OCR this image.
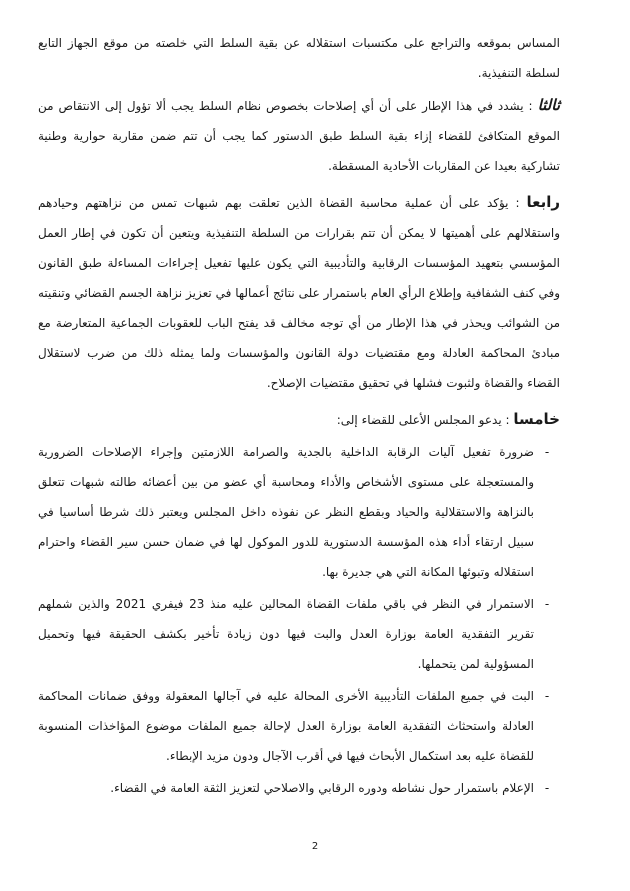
المساس بموقعه والتراجع على مكتسبات استقلاله عن بقية السلط التي خلصته من موقع الجهاز التابع لسلطة التنفيذية.

ثالثا : يشدد في هذا الإطار على أن أي إصلاحات بخصوص نظام السلط يجب ألا تؤول إلى الانتقاص من الموقع المتكافئ للقضاء إزاء بقية السلط طبق الدستور كما يجب أن تتم ضمن مقاربة حوارية وطنية تشاركية بعيدا عن المقاربات الأحادية المسقطة.

رابعا : يؤكد على أن عملية محاسبة القضاة الذين تعلقت بهم شبهات تمس من نزاهتهم وحيادهم واستقلالهم على أهميتها لا يمكن أن تتم بقرارات من السلطة التنفيذية ويتعين أن تكون في إطار العمل المؤسسي بتعهيد المؤسسات الرقابية والتأديبية التي يكون عليها تفعيل إجراءات المساءلة طبق القانون وفي كنف الشفافية وإطلاع الرأي العام باستمرار على نتائج أعمالها في تعزيز نزاهة الجسم القضائي وتنقيته من الشوائب ويحذر في هذا الإطار من أي توجه مخالف قد يفتح الباب للعقوبات الجماعية المتعارضة مع مبادئ المحاكمة العادلة ومع مقتضيات دولة القانون والمؤسسات ولما يمثله ذلك من ضرب لاستقلال القضاء والقضاة ولثبوت فشلها في تحقيق مقتضيات الإصلاح.

خامسا : يدعو المجلس الأعلى للقضاء إلى:

-
ضرورة تفعيل آليات الرقابة الداخلية بالجدية والصرامة اللازمتين وإجراء الإصلاحات الضرورية والمستعجلة على مستوى الأشخاص والأداء ومحاسبة أي عضو من بين أعضائه طالته شبهات تتعلق بالنزاهة والاستقلالية والحياد وبقطع النظر عن نفوذه داخل المجلس ويعتبر ذلك شرطا أساسيا في سبيل ارتقاء أداء هذه المؤسسة الدستورية للدور الموكول لها في ضمان حسن سير القضاء واحترام استقلاله وتبوئها المكانة التي هي جديرة بها.
-
الاستمرار في النظر في باقي ملفات القضاة المحالين عليه منذ 23 فيفري 2021 والذين شملهم تقرير التفقدية العامة بوزارة العدل والبت فيها دون زيادة تأخير بكشف الحقيقة فيها وتحميل المسؤولية لمن يتحملها.
-
البت في جميع الملفات التأديبية الأخرى المحالة عليه في آجالها المعقولة ووفق ضمانات المحاكمة العادلة واستحثاث التفقدية العامة بوزارة العدل لإحالة جميع الملفات موضوع المؤاخذات المنسوبة للقضاة عليه بعد استكمال الأبحاث فيها في أقرب الآجال ودون مزيد الإبطاء.
-
الإعلام باستمرار حول نشاطه ودوره الرقابي والاصلاحي لتعزيز الثقة العامة في القضاء.
2
